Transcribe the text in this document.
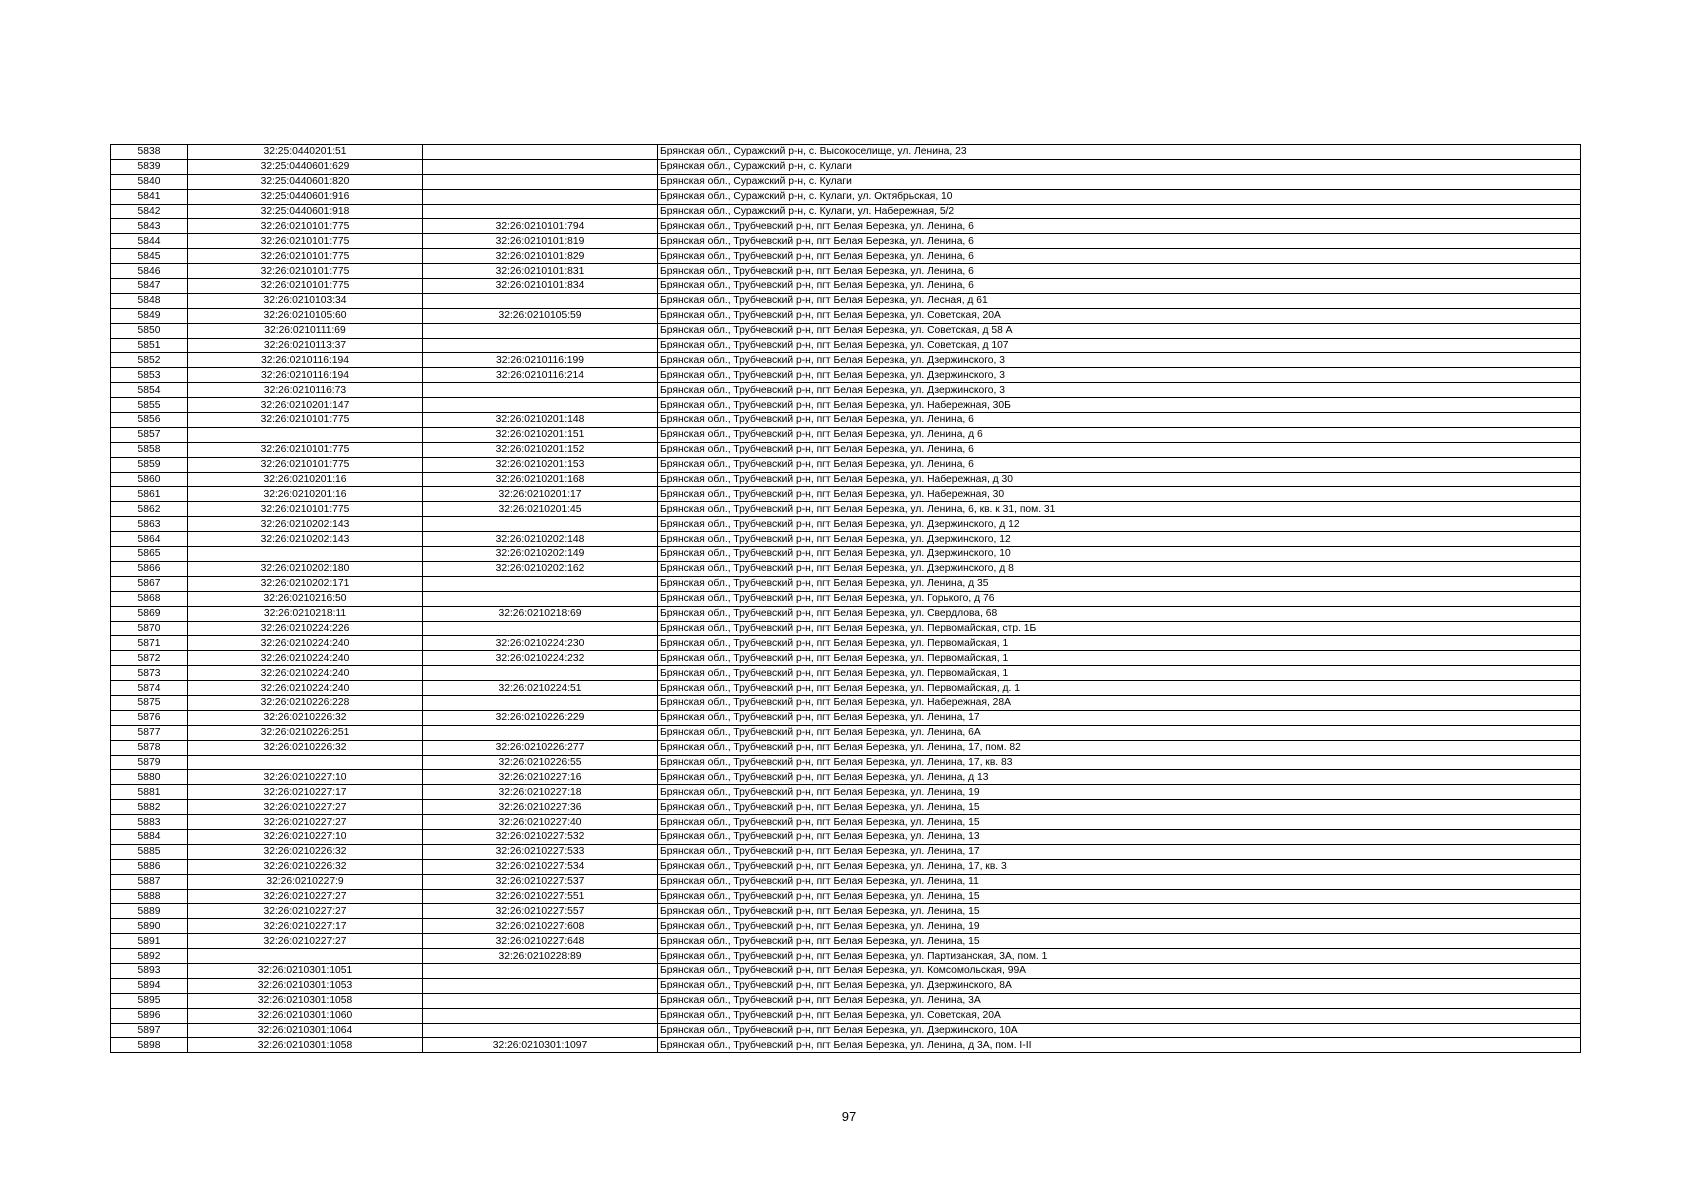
5838	32:25:0440201:51		Брянская обл., Суражский р-н, с. Высокоселище, ул. Ленина, 23
5839	32:25:0440601:629		Брянская обл., Суражский р-н, с. Кулаги
5840	32:25:0440601:820		Брянская обл., Суражский р-н, с. Кулаги
5841	32:25:0440601:916		Брянская обл., Суражский р-н, с. Кулаги, ул. Октябрьская, 10
5842	32:25:0440601:918		Брянская обл., Суражский р-н, с. Кулаги, ул. Набережная, 5/2
5843	32:26:0210101:775	32:26:0210101:794	Брянская обл., Трубчевский р-н, пгт Белая Березка, ул. Ленина, 6
5844	32:26:0210101:775	32:26:0210101:819	Брянская обл., Трубчевский р-н, пгт Белая Березка, ул. Ленина, 6
5845	32:26:0210101:775	32:26:0210101:829	Брянская обл., Трубчевский р-н, пгт Белая Березка, ул. Ленина, 6
5846	32:26:0210101:775	32:26:0210101:831	Брянская обл., Трубчевский р-н, пгт Белая Березка, ул. Ленина, 6
5847	32:26:0210101:775	32:26:0210101:834	Брянская обл., Трубчевский р-н, пгт Белая Березка, ул. Ленина, 6
5848	32:26:0210103:34		Брянская обл., Трубчевский р-н, пгт Белая Березка, ул. Лесная, д 61
5849	32:26:0210105:60	32:26:0210105:59	Брянская обл., Трубчевский р-н, пгт Белая Березка, ул. Советская, 20А
5850	32:26:0210111:69		Брянская обл., Трубчевский р-н, пгт Белая Березка, ул. Советская, д 58 А
5851	32:26:0210113:37		Брянская обл., Трубчевский р-н, пгт Белая Березка, ул. Советская, д 107
5852	32:26:0210116:194	32:26:0210116:199	Брянская обл., Трубчевский р-н, пгт Белая Березка, ул. Дзержинского, 3
5853	32:26:0210116:194	32:26:0210116:214	Брянская обл., Трубчевский р-н, пгт Белая Березка, ул. Дзержинского, 3
5854	32:26:0210116:73		Брянская обл., Трубчевский р-н, пгт Белая Березка, ул. Дзержинского, 3
5855	32:26:0210201:147		Брянская обл., Трубчевский р-н, пгт Белая Березка, ул. Набережная, 30Б
5856	32:26:0210101:775	32:26:0210201:148	Брянская обл., Трубчевский р-н, пгт Белая Березка, ул. Ленина, 6
5857		32:26:0210201:151	Брянская обл., Трубчевский р-н, пгт Белая Березка, ул. Ленина, д 6
5858	32:26:0210101:775	32:26:0210201:152	Брянская обл., Трубчевский р-н, пгт Белая Березка, ул. Ленина, 6
5859	32:26:0210101:775	32:26:0210201:153	Брянская обл., Трубчевский р-н, пгт Белая Березка, ул. Ленина, 6
5860	32:26:0210201:16	32:26:0210201:168	Брянская обл., Трубчевский р-н, пгт Белая Березка, ул. Набережная, д 30
5861	32:26:0210201:16	32:26:0210201:17	Брянская обл., Трубчевский р-н, пгт Белая Березка, ул. Набережная, 30
5862	32:26:0210101:775	32:26:0210201:45	Брянская обл., Трубчевский р-н, пгт Белая Березка, ул. Ленина, 6, кв. к 31, пом. 31
5863	32:26:0210202:143		Брянская обл., Трубчевский р-н, пгт Белая Березка, ул. Дзержинского, д 12
5864	32:26:0210202:143	32:26:0210202:148	Брянская обл., Трубчевский р-н, пгт Белая Березка, ул. Дзержинского, 12
5865		32:26:0210202:149	Брянская обл., Трубчевский р-н, пгт Белая Березка, ул. Дзержинского, 10
5866	32:26:0210202:180	32:26:0210202:162	Брянская обл., Трубчевский р-н, пгт Белая Березка, ул. Дзержинского, д 8
5867	32:26:0210202:171		Брянская обл., Трубчевский р-н, пгт Белая Березка, ул. Ленина, д 35
5868	32:26:0210216:50		Брянская обл., Трубчевский р-н, пгт Белая Березка, ул. Горького, д 76
5869	32:26:0210218:11	32:26:0210218:69	Брянская обл., Трубчевский р-н, пгт Белая Березка, ул. Свердлова, 68
5870	32:26:0210224:226		Брянская обл., Трубчевский р-н, пгт Белая Березка, ул. Первомайская, стр. 1Б
5871	32:26:0210224:240	32:26:0210224:230	Брянская обл., Трубчевский р-н, пгт Белая Березка, ул. Первомайская, 1
5872	32:26:0210224:240	32:26:0210224:232	Брянская обл., Трубчевский р-н, пгт Белая Березка, ул. Первомайская, 1
5873	32:26:0210224:240		Брянская обл., Трубчевский р-н, пгт Белая Березка, ул. Первомайская, 1
5874	32:26:0210224:240	32:26:0210224:51	Брянская обл., Трубчевский р-н, пгт Белая Березка, ул. Первомайская, д. 1
5875	32:26:0210226:228		Брянская обл., Трубчевский р-н, пгт Белая Березка, ул. Набережная, 28А
5876	32:26:0210226:32	32:26:0210226:229	Брянская обл., Трубчевский р-н, пгт Белая Березка, ул. Ленина, 17
5877	32:26:0210226:251		Брянская обл., Трубчевский р-н, пгт Белая Березка, ул. Ленина, 6А
5878	32:26:0210226:32	32:26:0210226:277	Брянская обл., Трубчевский р-н, пгт Белая Березка, ул. Ленина, 17, пом. 82
5879		32:26:0210226:55	Брянская обл., Трубчевский р-н, пгт Белая Березка, ул. Ленина, 17, кв. 83
5880	32:26:0210227:10	32:26:0210227:16	Брянская обл., Трубчевский р-н, пгт Белая Березка, ул. Ленина, д 13
5881	32:26:0210227:17	32:26:0210227:18	Брянская обл., Трубчевский р-н, пгт Белая Березка, ул. Ленина, 19
5882	32:26:0210227:27	32:26:0210227:36	Брянская обл., Трубчевский р-н, пгт Белая Березка, ул. Ленина, 15
5883	32:26:0210227:27	32:26:0210227:40	Брянская обл., Трубчевский р-н, пгт Белая Березка, ул. Ленина, 15
5884	32:26:0210227:10	32:26:0210227:532	Брянская обл., Трубчевский р-н, пгт Белая Березка, ул. Ленина, 13
5885	32:26:0210226:32	32:26:0210227:533	Брянская обл., Трубчевский р-н, пгт Белая Березка, ул. Ленина, 17
5886	32:26:0210226:32	32:26:0210227:534	Брянская обл., Трубчевский р-н, пгт Белая Березка, ул. Ленина, 17, кв. 3
5887	32:26:0210227:9	32:26:0210227:537	Брянская обл., Трубчевский р-н, пгт Белая Березка, ул. Ленина, 11
5888	32:26:0210227:27	32:26:0210227:551	Брянская обл., Трубчевский р-н, пгт Белая Березка, ул. Ленина, 15
5889	32:26:0210227:27	32:26:0210227:557	Брянская обл., Трубчевский р-н, пгт Белая Березка, ул. Ленина, 15
5890	32:26:0210227:17	32:26:0210227:608	Брянская обл., Трубчевский р-н, пгт Белая Березка, ул. Ленина, 19
5891	32:26:0210227:27	32:26:0210227:648	Брянская обл., Трубчевский р-н, пгт Белая Березка, ул. Ленина, 15
5892		32:26:0210228:89	Брянская обл., Трубчевский р-н, пгт Белая Березка, ул. Партизанская, 3А, пом. 1
5893	32:26:0210301:1051		Брянская обл., Трубчевский р-н, пгт Белая Березка, ул. Комсомольская, 99А
5894	32:26:0210301:1053		Брянская обл., Трубчевский р-н, пгт Белая Березка, ул. Дзержинского, 8А
5895	32:26:0210301:1058		Брянская обл., Трубчевский р-н, пгт Белая Березка, ул. Ленина, 3А
5896	32:26:0210301:1060		Брянская обл., Трубчевский р-н, пгт Белая Березка, ул. Советская, 20А
5897	32:26:0210301:1064		Брянская обл., Трубчевский р-н, пгт Белая Березка, ул. Дзержинского, 10А
5898	32:26:0210301:1058	32:26:0210301:1097	Брянская обл., Трубчевский р-н, пгт Белая Березка, ул. Ленина, д 3А, пом. I-II
97
